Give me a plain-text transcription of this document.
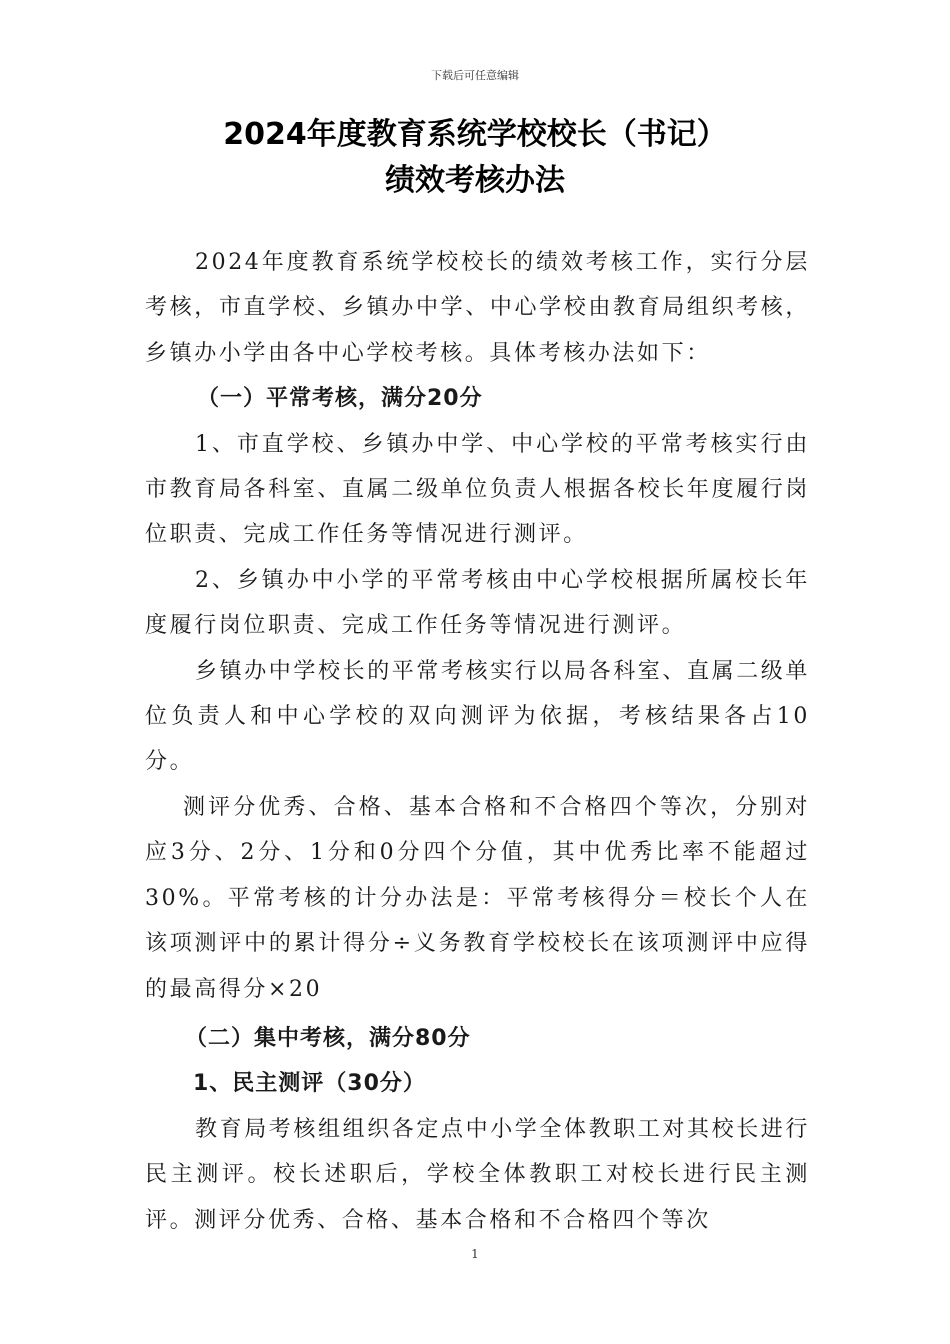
下载后可任意编辑
2024年度教育系统学校校长（书记）
绩效考核办法

2024年度教育系统学校校长的绩效考核工作，实行分层考核，市直学校、乡镇办中学、中心学校由教育局组织考核，乡镇办小学由各中心学校考核。具体考核办法如下：

（一）平常考核，满分20分

1、市直学校、乡镇办中学、中心学校的平常考核实行由市教育局各科室、直属二级单位负责人根据各校长年度履行岗位职责、完成工作任务等情况进行测评。

2、乡镇办中小学的平常考核由中心学校根据所属校长年度履行岗位职责、完成工作任务等情况进行测评。

乡镇办中学校长的平常考核实行以局各科室、直属二级单位负责人和中心学校的双向测评为依据，考核结果各占10分。

测评分优秀、合格、基本合格和不合格四个等次，分别对应3分、2分、1分和0分四个分值，其中优秀比率不能超过30%。平常考核的计分办法是：平常考核得分＝校长个人在该项测评中的累计得分÷义务教育学校校长在该项测评中应得的最高得分×20

（二）集中考核，满分80分

1、民主测评（30分）

教育局考核组组织各定点中小学全体教职工对其校长进行民主测评。校长述职后，学校全体教职工对校长进行民主测评。测评分优秀、合格、基本合格和不合格四个等次

1
